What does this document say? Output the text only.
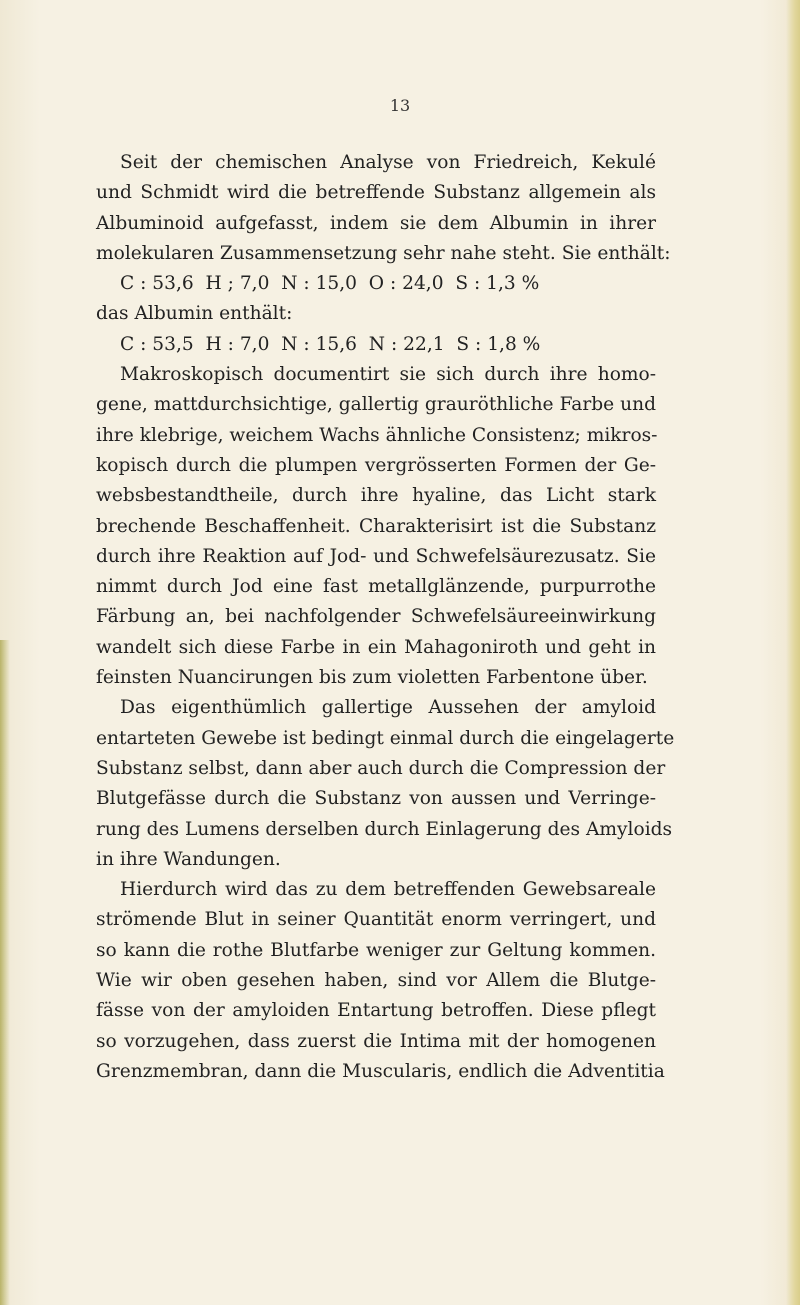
13
Seit der chemischen Analyse von Friedreich, Kekulé
und Schmidt wird die betreffende Substanz allgemein als
Albuminoid aufgefasst, indem sie dem Albumin in ihrer
molekularen Zusammensetzung sehr nahe steht. Sie enthält:
C : 53,6  H ; 7,0  N : 15,0  O : 24,0  S : 1,3 %
das Albumin enthält:
C : 53,5  H : 7,0  N : 15,6  N : 22,1  S : 1,8 %
Makroskopisch documentirt sie sich durch ihre homo-
gene, mattdurchsichtige, gallertig grauröthliche Farbe und
ihre klebrige, weichem Wachs ähnliche Consistenz; mikros-
kopisch durch die plumpen vergrösserten Formen der Ge-
websbestandtheile, durch ihre hyaline, das Licht stark
brechende Beschaffenheit. Charakterisirt ist die Substanz
durch ihre Reaktion auf Jod- und Schwefelsäurezusatz. Sie
nimmt durch Jod eine fast metallglänzende, purpurrothe
Färbung an, bei nachfolgender Schwefelsäureeinwirkung
wandelt sich diese Farbe in ein Mahagoniroth und geht in
feinsten Nuancirungen bis zum violetten Farbentone über.
Das eigenthümlich gallertige Aussehen der amyloid
entarteten Gewebe ist bedingt einmal durch die eingelagerte
Substanz selbst, dann aber auch durch die Compression der
Blutgefässe durch die Substanz von aussen und Verringe-
rung des Lumens derselben durch Einlagerung des Amyloids
in ihre Wandungen.
Hierdurch wird das zu dem betreffenden Gewebsareale
strömende Blut in seiner Quantität enorm verringert, und
so kann die rothe Blutfarbe weniger zur Geltung kommen.
Wie wir oben gesehen haben, sind vor Allem die Blutge-
fässe von der amyloiden Entartung betroffen. Diese pflegt
so vorzugehen, dass zuerst die Intima mit der homogenen
Grenzmembran, dann die Muscularis, endlich die Adventitia
